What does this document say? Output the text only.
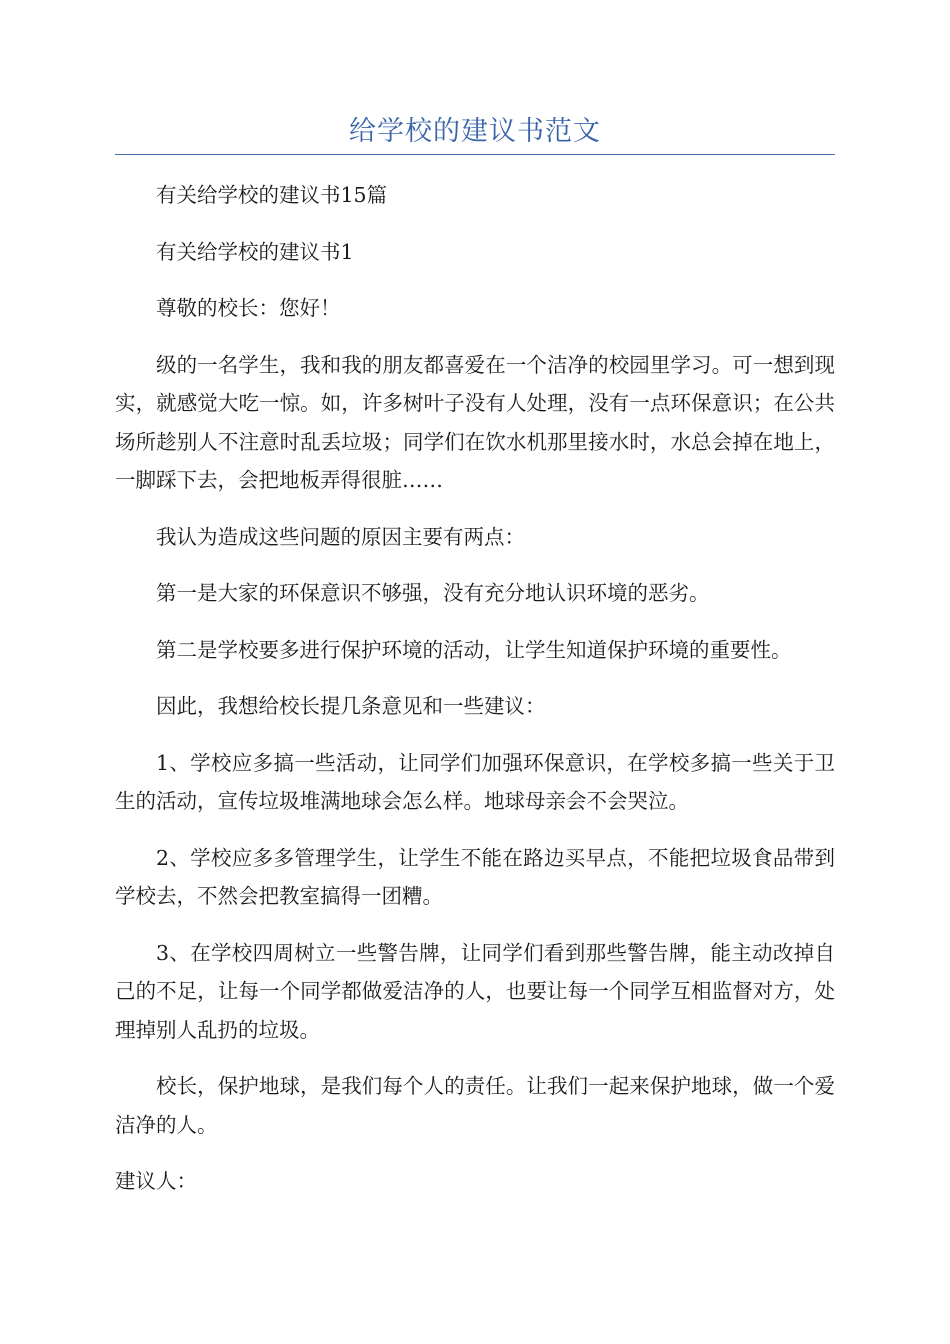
给学校的建议书范文

有关给学校的建议书15篇

有关给学校的建议书1

尊敬的校长：您好！

级的一名学生，我和我的朋友都喜爱在一个洁净的校园里学习。可一想到现实，就感觉大吃一惊。如，许多树叶子没有人处理，没有一点环保意识；在公共场所趁别人不注意时乱丢垃圾；同学们在饮水机那里接水时，水总会掉在地上，一脚踩下去，会把地板弄得很脏……

我认为造成这些问题的原因主要有两点：

第一是大家的环保意识不够强，没有充分地认识环境的恶劣。

第二是学校要多进行保护环境的活动，让学生知道保护环境的重要性。

因此，我想给校长提几条意见和一些建议：

1、学校应多搞一些活动，让同学们加强环保意识，在学校多搞一些关于卫生的活动，宣传垃圾堆满地球会怎么样。地球母亲会不会哭泣。

2、学校应多多管理学生，让学生不能在路边买早点，不能把垃圾食品带到学校去，不然会把教室搞得一团糟。

3、在学校四周树立一些警告牌，让同学们看到那些警告牌，能主动改掉自己的不足，让每一个同学都做爱洁净的人，也要让每一个同学互相监督对方，处理掉别人乱扔的垃圾。

校长，保护地球，是我们每个人的责任。让我们一起来保护地球，做一个爱洁净的人。

建议人：
